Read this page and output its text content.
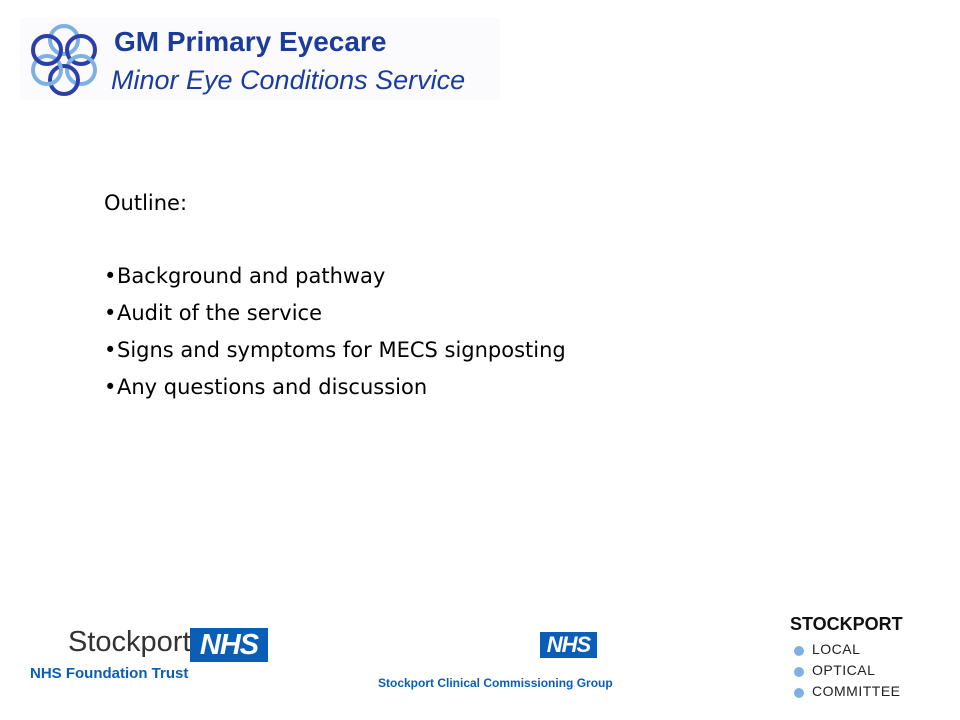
GM Primary Eyecare
Minor Eye Conditions Service
Outline:
•Background and pathway
•Audit of the service
•Signs and symptoms for MECS signposting
•Any questions and discussion
Stockport NHS
NHS Foundation Trust
NHS
Stockport Clinical Commissioning Group
STOCKPORT
LOCAL
OPTICAL
COMMITTEE
